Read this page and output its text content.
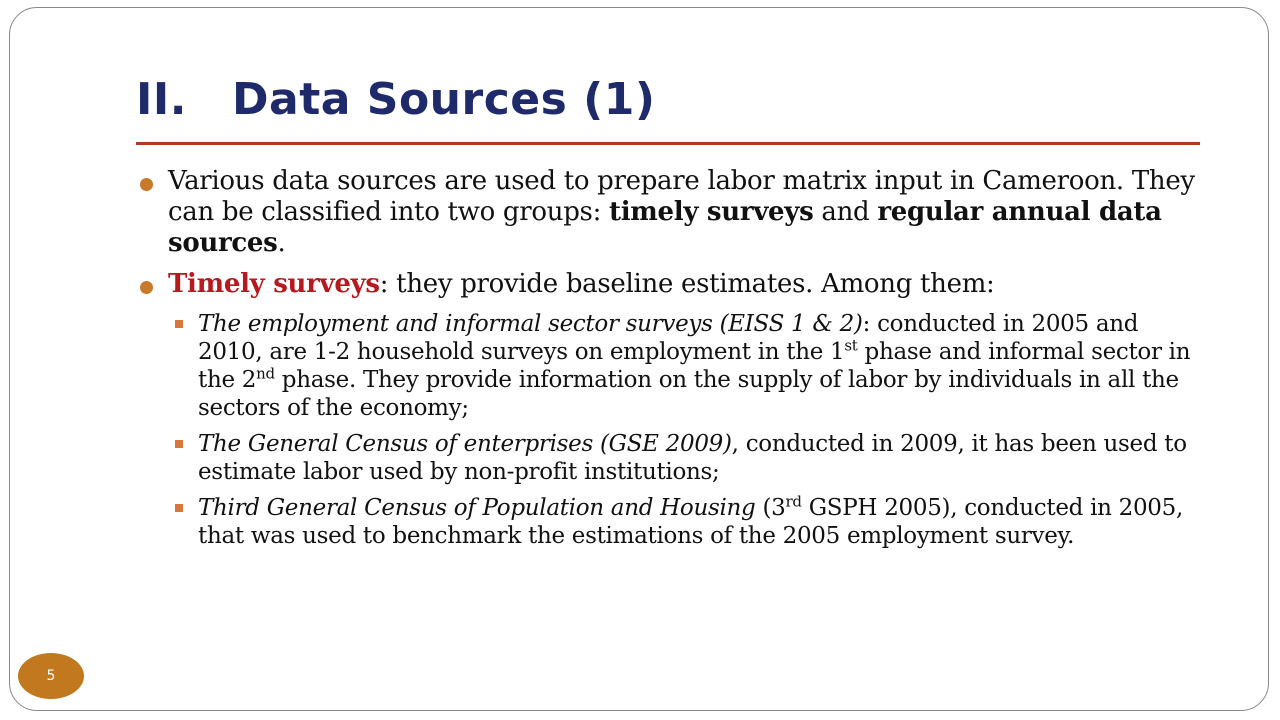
II. Data Sources (1)
Various data sources are used to prepare labor matrix input in Cameroon. They can be classified into two groups: timely surveys and regular annual data sources.
Timely surveys: they provide baseline estimates. Among them:
The employment and informal sector surveys (EISS 1 & 2): conducted in 2005 and 2010, are 1-2 household surveys on employment in the 1st phase and informal sector in the 2nd phase. They provide information on the supply of labor by individuals in all the sectors of the economy;
The General Census of enterprises (GSE 2009), conducted in 2009, it has been used to estimate labor used by non-profit institutions;
Third General Census of Population and Housing (3rd GSPH 2005), conducted in 2005, that was used to benchmark the estimations of the 2005 employment survey.
5
